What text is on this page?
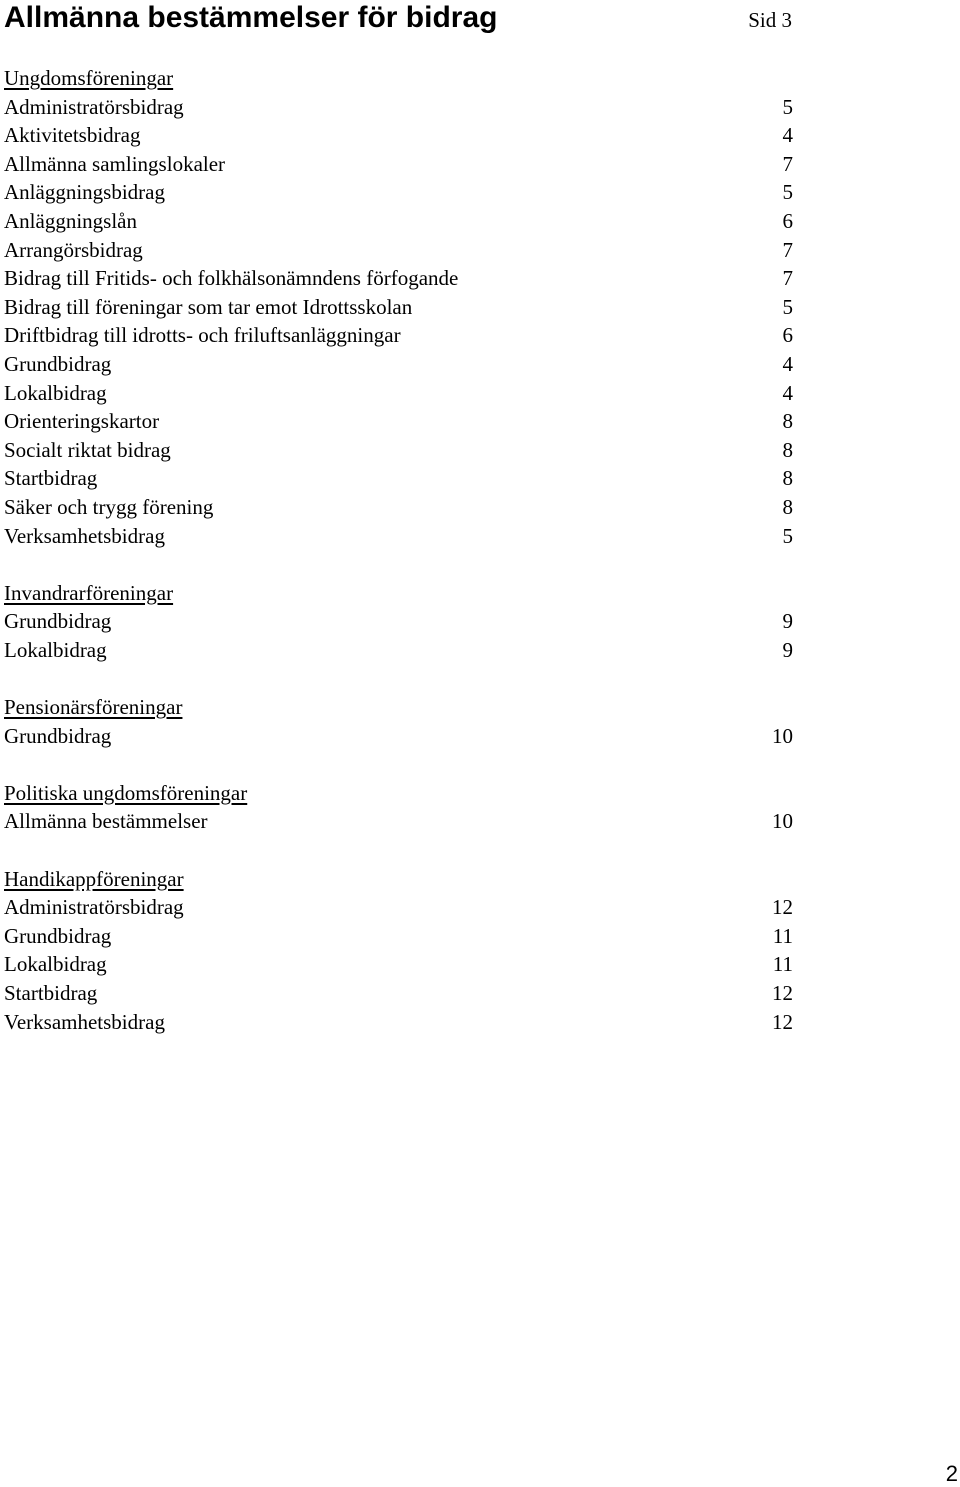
Allmänna bestämmelser för bidrag	Sid 3
Ungdomsföreningar
Administratörsbidrag	5
Aktivitetsbidrag	4
Allmänna samlingslokaler	7
Anläggningsbidrag	5
Anläggningslån	6
Arrangörsbidrag	7
Bidrag till Fritids- och folkhälsonämndens förfogande	7
Bidrag till föreningar som tar emot Idrottsskolan	5
Driftbidrag till idrotts- och friluftsanläggningar	6
Grundbidrag	4
Lokalbidrag	4
Orienteringskartor	8
Socialt riktat bidrag	8
Startbidrag	8
Säker och trygg förening	8
Verksamhetsbidrag	5
Invandrarföreningar
Grundbidrag	9
Lokalbidrag	9
Pensionärsföreningar
Grundbidrag	10
Politiska ungdomsföreningar
Allmänna bestämmelser	10
Handikappföreningar
Administratörsbidrag	12
Grundbidrag	11
Lokalbidrag	11
Startbidrag	12
Verksamhetsbidrag	12
2
